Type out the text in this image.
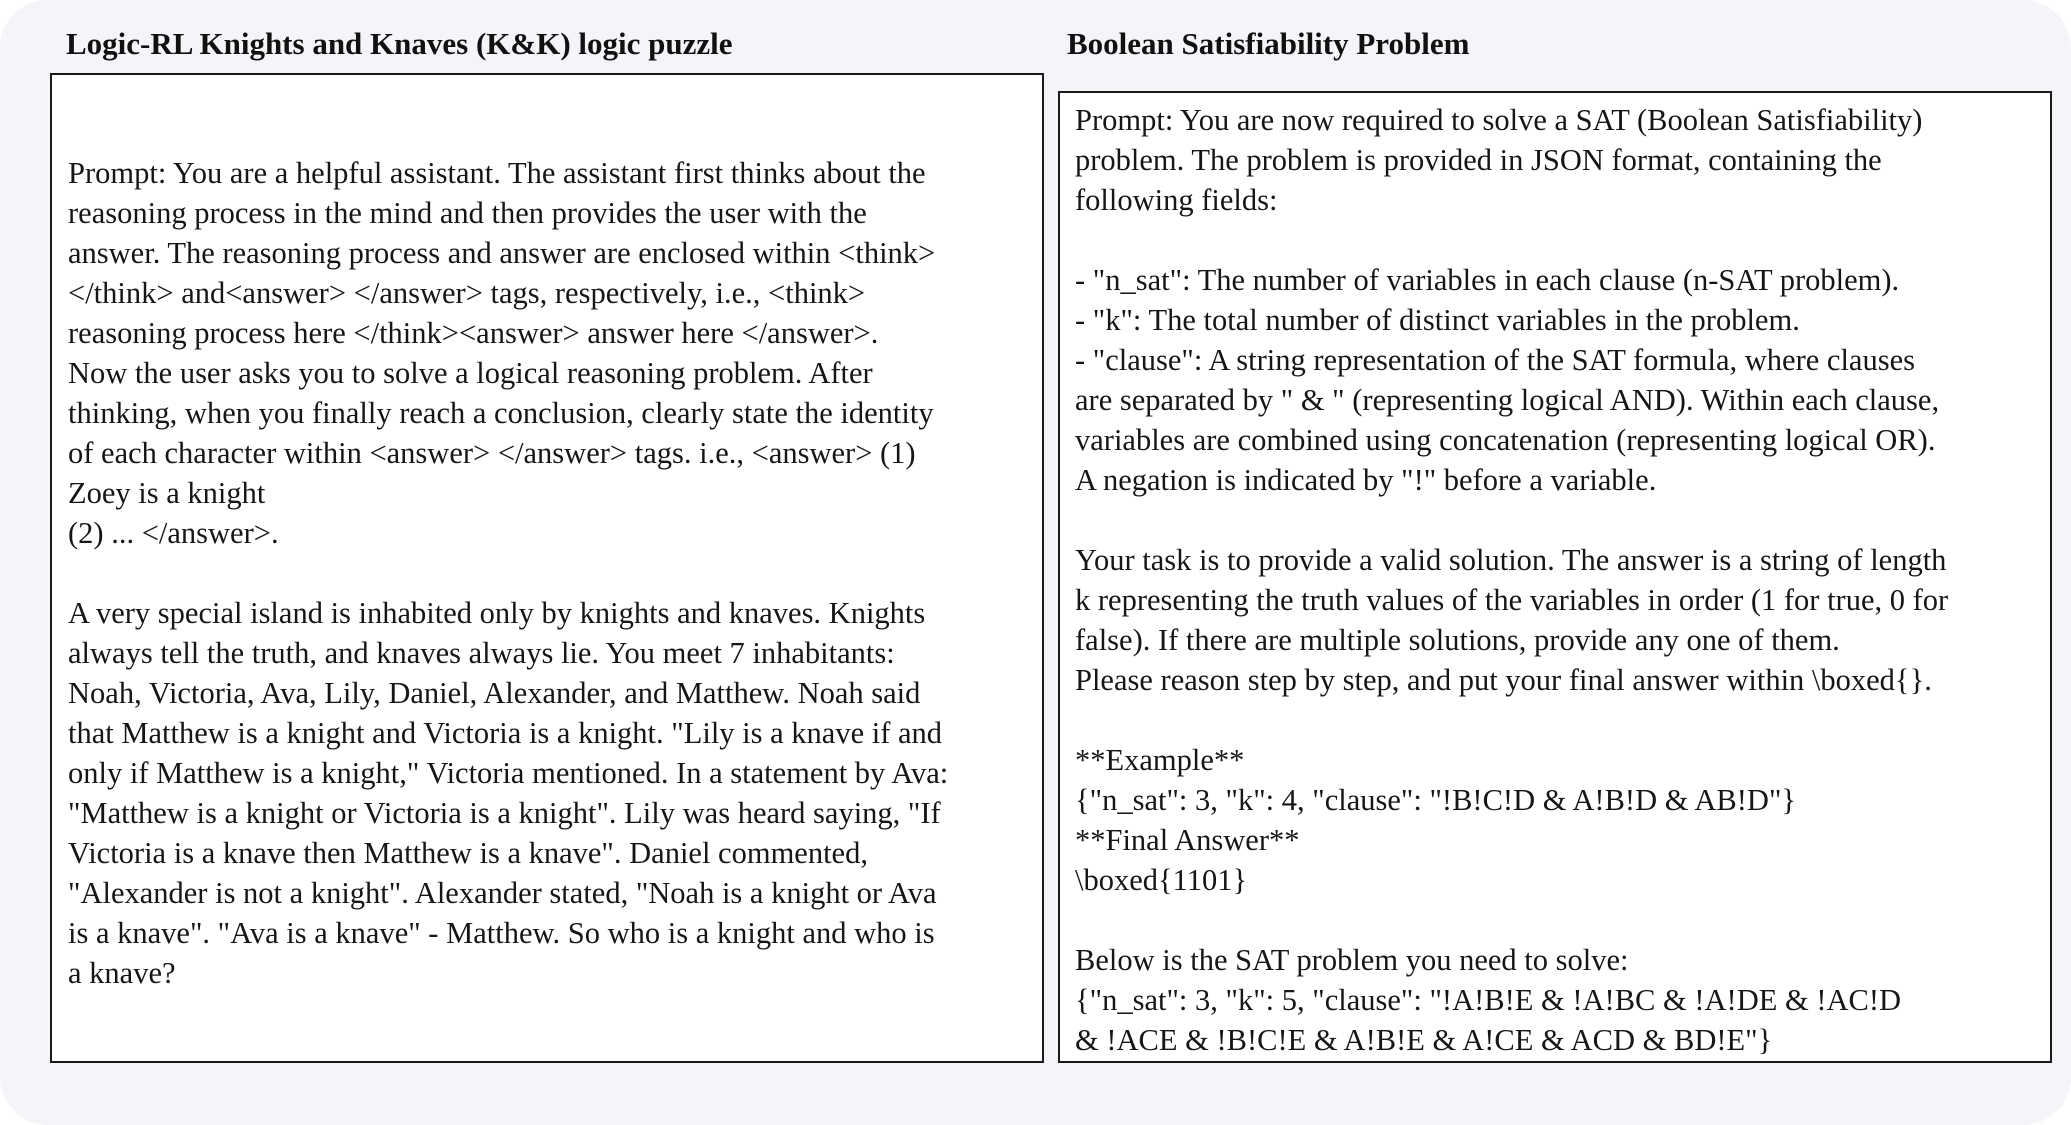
Logic-RL Knights and Knaves (K&K) logic puzzle	Boolean Satisfiability Problem
Prompt: You are a helpful assistant. The assistant first thinks about the
reasoning process in the mind and then provides the user with the
answer. The reasoning process and answer are enclosed within <think>
</think> and<answer> </answer> tags, respectively, i.e., <think>
reasoning process here </think><answer> answer here </answer>.
Now the user asks you to solve a logical reasoning problem. After
thinking, when you finally reach a conclusion, clearly state the identity
of each character within <answer> </answer> tags. i.e., <answer> (1)
Zoey is a knight
(2) ... </answer>.
A very special island is inhabited only by knights and knaves. Knights
always tell the truth, and knaves always lie. You meet 7 inhabitants:
Noah, Victoria, Ava, Lily, Daniel, Alexander, and Matthew. Noah said
that Matthew is a knight and Victoria is a knight. "Lily is a knave if and
only if Matthew is a knight," Victoria mentioned. In a statement by Ava:
"Matthew is a knight or Victoria is a knight". Lily was heard saying, "If
Victoria is a knave then Matthew is a knave". Daniel commented,
"Alexander is not a knight". Alexander stated, "Noah is a knight or Ava
is a knave". "Ava is a knave" - Matthew. So who is a knight and who is
a knave?
Prompt: You are now required to solve a SAT (Boolean Satisfiability)
problem. The problem is provided in JSON format, containing the
following fields:
- "n_sat": The number of variables in each clause (n-SAT problem).
- "k": The total number of distinct variables in the problem.
- "clause": A string representation of the SAT formula, where clauses
are separated by " & " (representing logical AND). Within each clause,
variables are combined using concatenation (representing logical OR).
A negation is indicated by "!" before a variable.
Your task is to provide a valid solution. The answer is a string of length
k representing the truth values of the variables in order (1 for true, 0 for
false). If there are multiple solutions, provide any one of them.
Please reason step by step, and put your final answer within \boxed{}.
**Example**
{"n_sat": 3, "k": 4, "clause": "!B!C!D & A!B!D & AB!D"}
**Final Answer**
\boxed{1101}
Below is the SAT problem you need to solve:
{"n_sat": 3, "k": 5, "clause": "!A!B!E & !A!BC & !A!DE & !AC!D
& !ACE & !B!C!E & A!B!E & A!CE & ACD & BD!E"}
